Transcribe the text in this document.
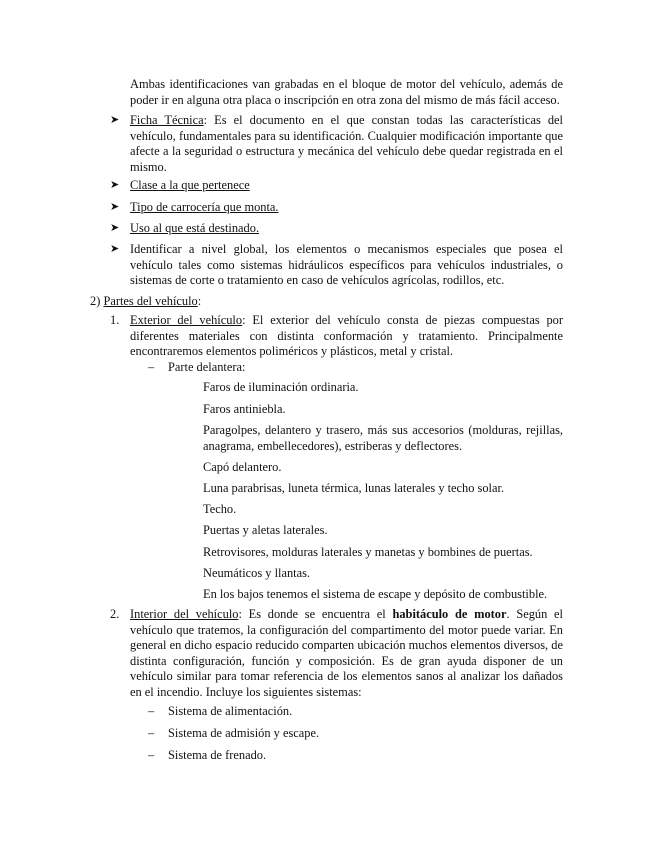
Ambas identificaciones van grabadas en el bloque de motor del vehículo, además de poder ir en alguna otra placa o inscripción en otra zona del mismo de más fácil acceso.

➤ Ficha Técnica: Es el documento en el que constan todas las características del vehículo, fundamentales para su identificación. Cualquier modificación importante que afecte a la seguridad o estructura y mecánica del vehículo debe quedar registrada en el mismo.

➤ Clase a la que pertenece

➤ Tipo de carrocería que monta.

➤ Uso al que está destinado.

➤ Identificar a nivel global, los elementos o mecanismos especiales que posea el vehículo tales como sistemas hidráulicos específicos para vehículos industriales, o sistemas de corte o tratamiento en caso de vehículos agrícolas, rodillos, etc.

2) Partes del vehículo:

1. Exterior del vehículo: El exterior del vehículo consta de piezas compuestas por diferentes materiales con distinta conformación y tratamiento. Principalmente encontraremos elementos poliméricos y plásticos, metal y cristal.

– Parte delantera:
Faros de iluminación ordinaria.
Faros antiniebla.

Paragolpes, delantero y trasero, más sus accesorios (molduras, rejillas, anagrama, embellecedores), estriberas y deflectores.

Capó delantero.
Luna parabrisas, luneta térmica, lunas laterales y techo solar.
Techo.
Puertas y aletas laterales.
Retrovisores, molduras laterales y manetas y bombines de puertas.
Neumáticos y llantas.
En los bajos tenemos el sistema de escape y depósito de combustible.
2. Interior del vehículo: Es donde se encuentra el habitáculo de motor. Según el vehículo que tratemos, la configuración del compartimento del motor puede variar. En general en dicho espacio reducido comparten ubicación muchos elementos diversos, de distinta configuración, función y composición. Es de gran ayuda disponer de un vehículo similar para tomar referencia de los elementos sanos al analizar los dañados en el incendio. Incluye los siguientes sistemas:

– Sistema de alimentación.
– Sistema de admisión y escape.
– Sistema de frenado.
